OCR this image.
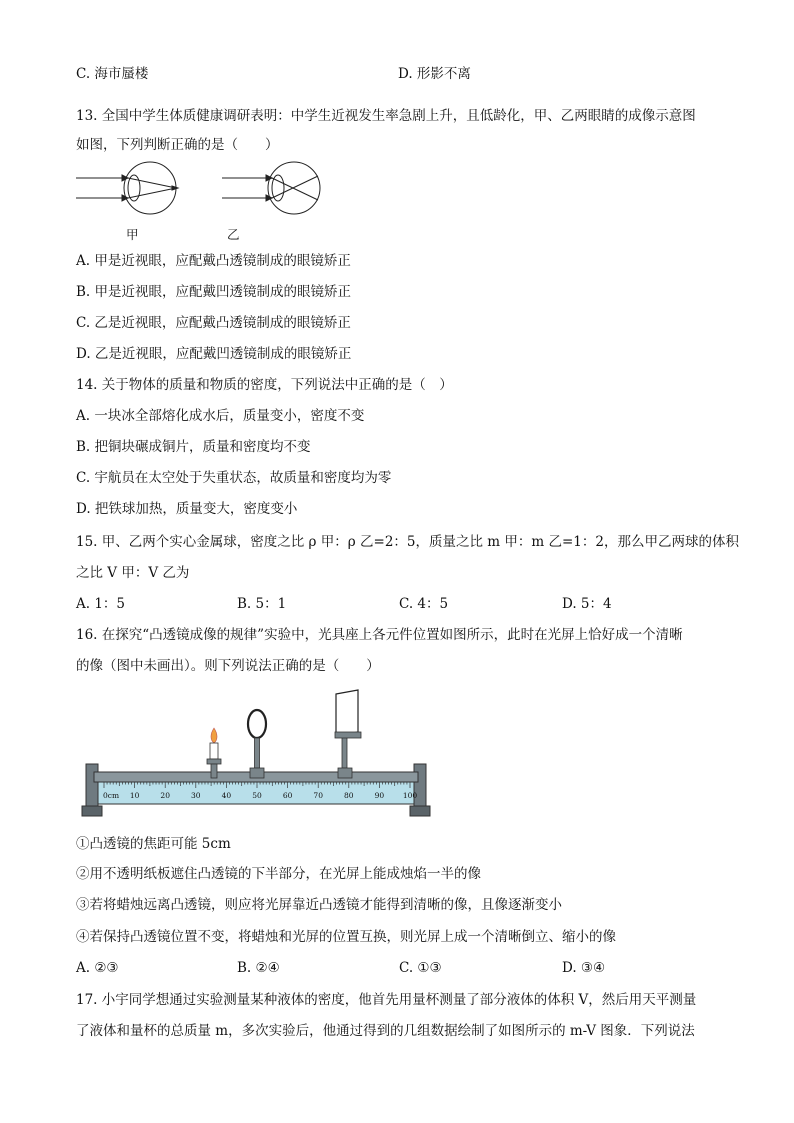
C. 海市蜃楼	D. 形影不离
13. 全国中学生体质健康调研表明：中学生近视发生率急剧上升，且低龄化，甲、乙两眼睛的成像示意图
如图，下列判断正确的是（　　）
甲	乙
A. 甲是近视眼，应配戴凸透镜制成的眼镜矫正
B. 甲是近视眼，应配戴凹透镜制成的眼镜矫正
C. 乙是近视眼，应配戴凸透镜制成的眼镜矫正
D. 乙是近视眼，应配戴凹透镜制成的眼镜矫正
14. 关于物体的质量和物质的密度，下列说法中正确的是（　）
A. 一块冰全部熔化成水后，质量变小，密度不变
B. 把铜块碾成铜片，质量和密度均不变
C. 宇航员在太空处于失重状态，故质量和密度均为零
D. 把铁球加热，质量变大，密度变小
15. 甲、乙两个实心金属球，密度之比 ρ 甲：ρ 乙=2：5，质量之比 m 甲：m 乙=1：2，那么甲乙两球的体积
之比 V 甲：V 乙为
A. 1：5	B. 5：1	C. 4：5	D. 5：4
16. 在探究“凸透镜成像的规律”实验中，光具座上各元件位置如图所示，此时在光屏上恰好成一个清晰
的像（图中未画出）。则下列说法正确的是（　　）
0cm 10	20	30	40	50	60	70	80	90 100
①凸透镜的焦距可能 5cm
②用不透明纸板遮住凸透镜的下半部分，在光屏上能成烛焰一半的像
③若将蜡烛远离凸透镜，则应将光屏靠近凸透镜才能得到清晰的像，且像逐渐变小
④若保持凸透镜位置不变，将蜡烛和光屏的位置互换，则光屏上成一个清晰倒立、缩小的像
A. ②③	B. ②④	C. ①③	D. ③④
17. 小宇同学想通过实验测量某种液体的密度，他首先用量杯测量了部分液体的体积 V，然后用天平测量
了液体和量杯的总质量 m，多次实验后，他通过得到的几组数据绘制了如图所示的 m-V 图象．下列说法
